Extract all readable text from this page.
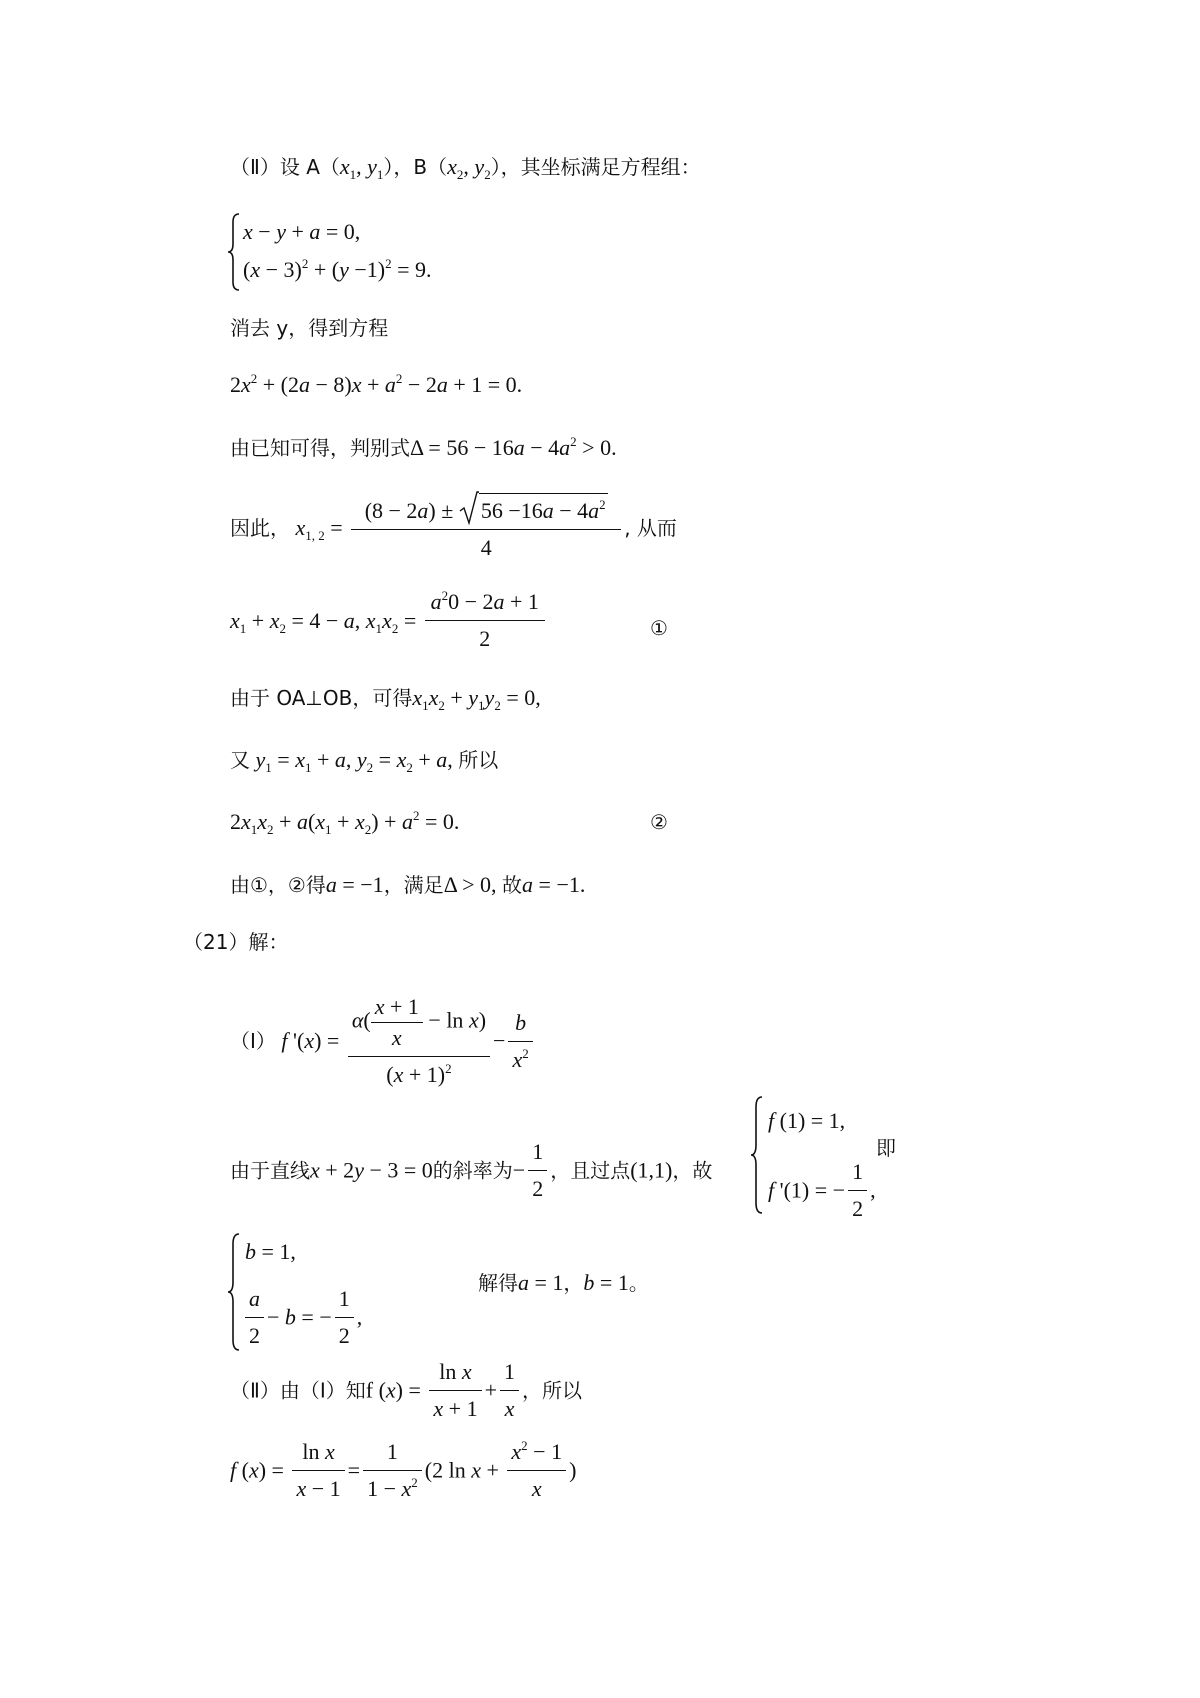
（Ⅱ）设 $A(x_1$, $y_1$），$B(x_2$, $y_2$），其坐标满足方程组：
x − y + a = 0,
$(x - 3)^2 + (y -1)^2 = 9$.
消去 y，得到方程
$2x^2 + (2a - 8)x + a^2 - 2a + 1 = 0$.
由已知可得，判别式$\Delta = 56 - 16a - 4a^2 > 0$.
因此， $x_{1, 2} = (8 - 2a)$ ±
$56 -16a - 4a^2$
4 , 从而
$x_1 + x_2 = 4 - a$, $x_1x_2 = \frac{a^20 - 2a + 1}{2}$	①
由于 OA⊥OB，可得$x_1x_2 + y_1y_2 = 0$,
又 $y_1 = x_1 + a$, $y_2 = x_2 + a$, 所以
$2x_1x_2 + a(x_1 + x_2) + a^2 = 0$.	②
由①，②得a = −1，满足Δ > 0, 故a = −1.
（21）解：
（Ⅰ） f '$(x) = \frac{\alpha( \frac{x + 1}{x} - \ln x)}{(x + 1)^2} - \frac{b}{x^2}$
由于直线x + 2y − 3 = 0的斜率为− $\frac{1}{2}$ ，且过点(1,1)，故
f (1) = 1,
f '(1) = − $\frac{1}{2}$ ,
即
b = 1,
$\frac{a}{2} - b$ = − $\frac{1}{2}$ ,
解得a = 1，b = 1。
（Ⅱ）由（Ⅰ）知f $(x) = \frac{\text{ln x}}{x + 1} + \frac{1}{x}$ ，所以
f $(x) = \frac{\text{ln x}}{x - 1} = \frac{1}{1 - x^2} (2$ $\ln x + \frac{x^2 - 1}{x}$ )
